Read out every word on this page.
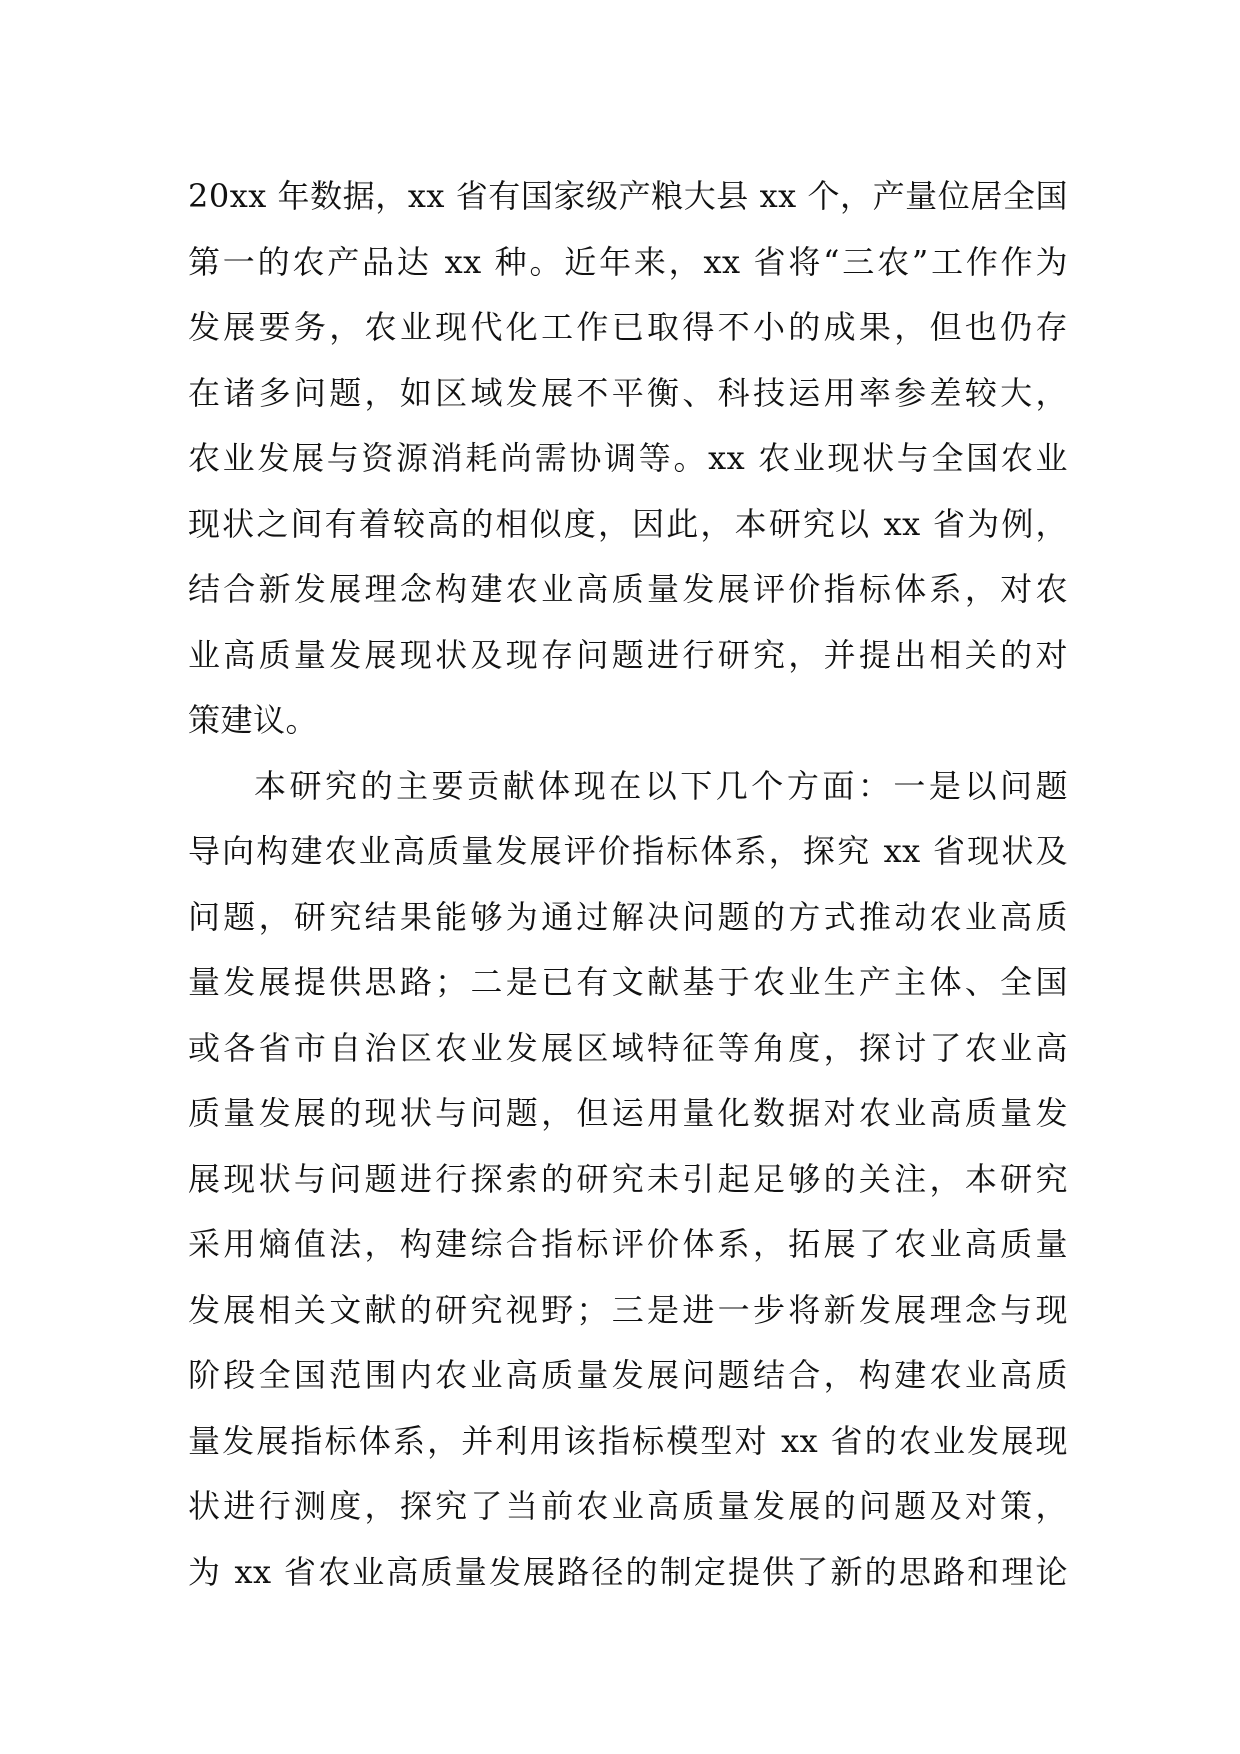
20xx 年数据，xx 省有国家级产粮大县 xx 个，产量位居全国
第一的农产品达 xx 种。近年来，xx 省将“三农”工作作为
发展要务，农业现代化工作已取得不小的成果，但也仍存
在诸多问题，如区域发展不平衡、科技运用率参差较大，
农业发展与资源消耗尚需协调等。xx 农业现状与全国农业
现状之间有着较高的相似度，因此，本研究以 xx 省为例，
结合新发展理念构建农业高质量发展评价指标体系，对农
业高质量发展现状及现存问题进行研究，并提出相关的对
策建议。
本研究的主要贡献体现在以下几个方面：一是以问题
导向构建农业高质量发展评价指标体系，探究 xx 省现状及
问题，研究结果能够为通过解决问题的方式推动农业高质
量发展提供思路；二是已有文献基于农业生产主体、全国
或各省市自治区农业发展区域特征等角度，探讨了农业高
质量发展的现状与问题，但运用量化数据对农业高质量发
展现状与问题进行探索的研究未引起足够的关注，本研究
采用熵值法，构建综合指标评价体系，拓展了农业高质量
发展相关文献的研究视野；三是进一步将新发展理念与现
阶段全国范围内农业高质量发展问题结合，构建农业高质
量发展指标体系，并利用该指标模型对 xx 省的农业发展现
状进行测度，探究了当前农业高质量发展的问题及对策，
为 xx 省农业高质量发展路径的制定提供了新的思路和理论
